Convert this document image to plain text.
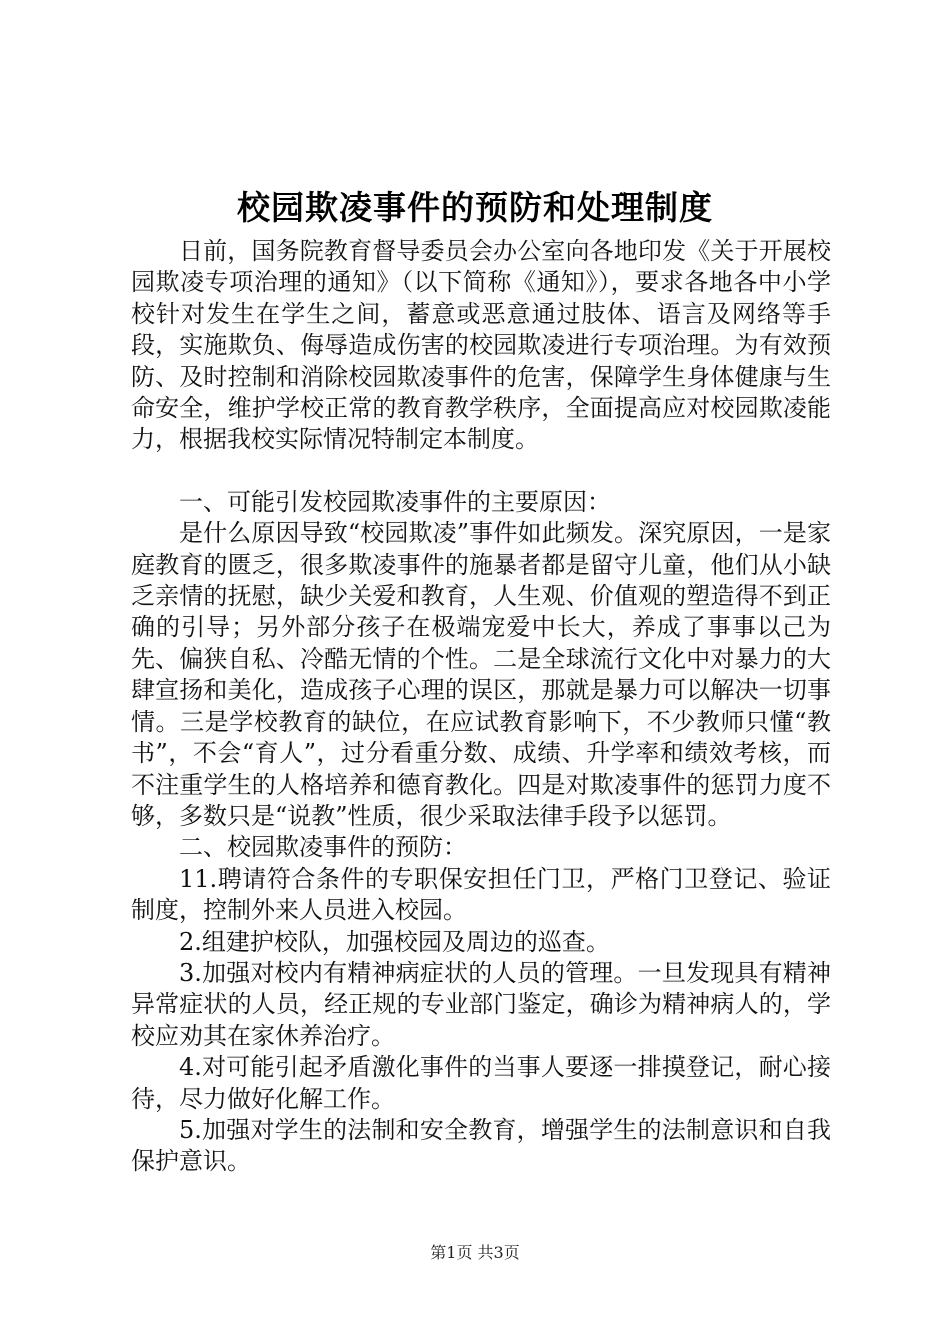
校园欺凌事件的预防和处理制度

日前，国务院教育督导委员会办公室向各地印发《关于开展校园欺凌专项治理的通知》（以下简称《通知》），要求各地各中小学校针对发生在学生之间，蓄意或恶意通过肢体、语言及网络等手段，实施欺负、侮辱造成伤害的校园欺凌进行专项治理。为有效预防、及时控制和消除校园欺凌事件的危害，保障学生身体健康与生命安全，维护学校正常的教育教学秩序，全面提高应对校园欺凌能力，根据我校实际情况特制定本制度。

一、可能引发校园欺凌事件的主要原因：

是什么原因导致“校园欺凌”事件如此频发。深究原因，一是家庭教育的匮乏，很多欺凌事件的施暴者都是留守儿童，他们从小缺乏亲情的抚慰，缺少关爱和教育，人生观、价值观的塑造得不到正确的引导；另外部分孩子在极端宠爱中长大，养成了事事以己为先、偏狭自私、冷酷无情的个性。二是全球流行文化中对暴力的大肆宣扬和美化，造成孩子心理的误区，那就是暴力可以解决一切事情。三是学校教育的缺位，在应试教育影响下，不少教师只懂“教书”，不会“育人”，过分看重分数、成绩、升学率和绩效考核，而不注重学生的人格培养和德育教化。四是对欺凌事件的惩罚力度不够，多数只是“说教”性质，很少采取法律手段予以惩罚。

二、校园欺凌事件的预防：

11.聘请符合条件的专职保安担任门卫，严格门卫登记、验证制度，控制外来人员进入校园。

2.组建护校队，加强校园及周边的巡查。

3.加强对校内有精神病症状的人员的管理。一旦发现具有精神异常症状的人员，经正规的专业部门鉴定，确诊为精神病人的，学校应劝其在家休养治疗。

4.对可能引起矛盾激化事件的当事人要逐一排摸登记，耐心接待，尽力做好化解工作。

5.加强对学生的法制和安全教育，增强学生的法制意识和自我保护意识。

第1页 共3页
